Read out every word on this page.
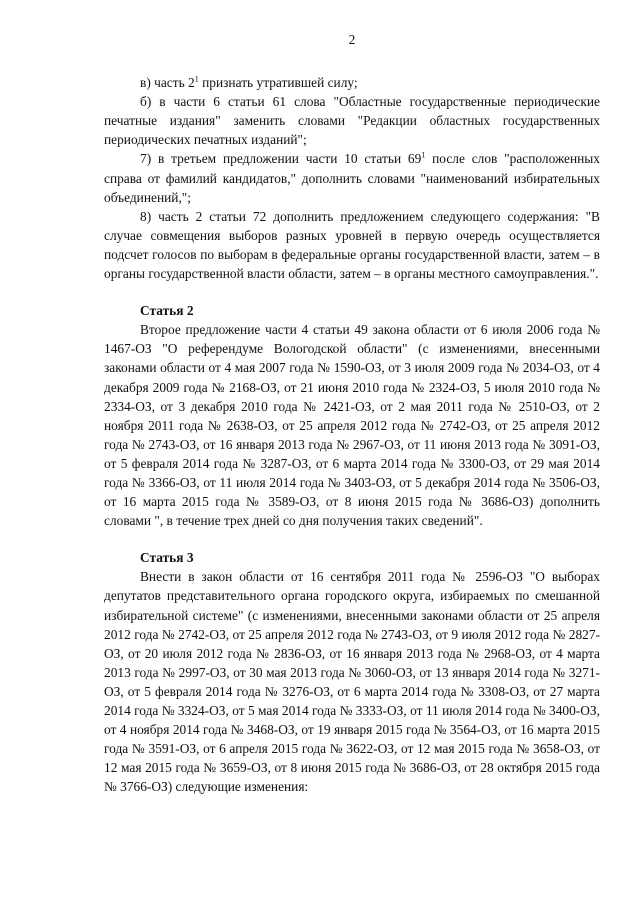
2

в) часть $2^1$ признать утратившей силу;

б) в части 6 статьи 61 слова "Областные государственные периодические печатные издания" заменить словами "Редакции областных государственных периодических печатных изданий";

7) в третьем предложении части 10 статьи $69^1$ после слов "расположенных справа от фамилий кандидатов," дополнить словами "наименований избирательных объединений,";

8) часть 2 статьи 72 дополнить предложением следующего содержания: "В случае совмещения выборов разных уровней в первую очередь осуществляется подсчет голосов по выборам в федеральные органы государственной власти, затем – в органы государственной власти области, затем – в органы местного самоуправления.".

Статья 2

Второе предложение части 4 статьи 49 закона области от 6 июля 2006 года № 1467-ОЗ "О референдуме Вологодской области" (с изменениями, внесенными законами области от 4 мая 2007 года № 1590-ОЗ, от 3 июля 2009 года № 2034-ОЗ, от 4 декабря 2009 года № 2168-ОЗ, от 21 июня 2010 года № 2324-ОЗ, 5 июля 2010 года № 2334-ОЗ, от 3 декабря 2010 года № 2421-ОЗ, от 2 мая 2011 года № 2510-ОЗ, от 2 ноября 2011 года № 2638-ОЗ, от 25 апреля 2012 года № 2742-ОЗ, от 25 апреля 2012 года № 2743-ОЗ, от 16 января 2013 года № 2967-ОЗ, от 11 июня 2013 года № 3091-ОЗ, от 5 февраля 2014 года № 3287-ОЗ, от 6 марта 2014 года № 3300-ОЗ, от 29 мая 2014 года № 3366-ОЗ, от 11 июля 2014 года № 3403-ОЗ, от 5 декабря 2014 года № 3506-ОЗ, от 16 марта 2015 года № 3589-ОЗ, от 8 июня 2015 года № 3686-ОЗ) дополнить словами ", в течение трех дней со дня получения таких сведений".

Статья 3

Внести в закон области от 16 сентября 2011 года № 2596-ОЗ "О выборах депутатов представительного органа городского округа, избираемых по смешанной избирательной системе" (с изменениями, внесенными законами области от 25 апреля 2012 года № 2742-ОЗ, от 25 апреля 2012 года № 2743-ОЗ, от 9 июля 2012 года № 2827-ОЗ, от 20 июля 2012 года № 2836-ОЗ, от 16 января 2013 года № 2968-ОЗ, от 4 марта 2013 года № 2997-ОЗ, от 30 мая 2013 года № 3060-ОЗ, от 13 января 2014 года № 3271-ОЗ, от 5 февраля 2014 года № 3276-ОЗ, от 6 марта 2014 года № 3308-ОЗ, от 27 марта 2014 года № 3324-ОЗ, от 5 мая 2014 года № 3333-ОЗ, от 11 июля 2014 года № 3400-ОЗ, от 4 ноября 2014 года № 3468-ОЗ, от 19 января 2015 года № 3564-ОЗ, от 16 марта 2015 года № 3591-ОЗ, от 6 апреля 2015 года № 3622-ОЗ, от 12 мая 2015 года № 3658-ОЗ, от 12 мая 2015 года № 3659-ОЗ, от 8 июня 2015 года № 3686-ОЗ, от 28 октября 2015 года № 3766-ОЗ) следующие изменения:
